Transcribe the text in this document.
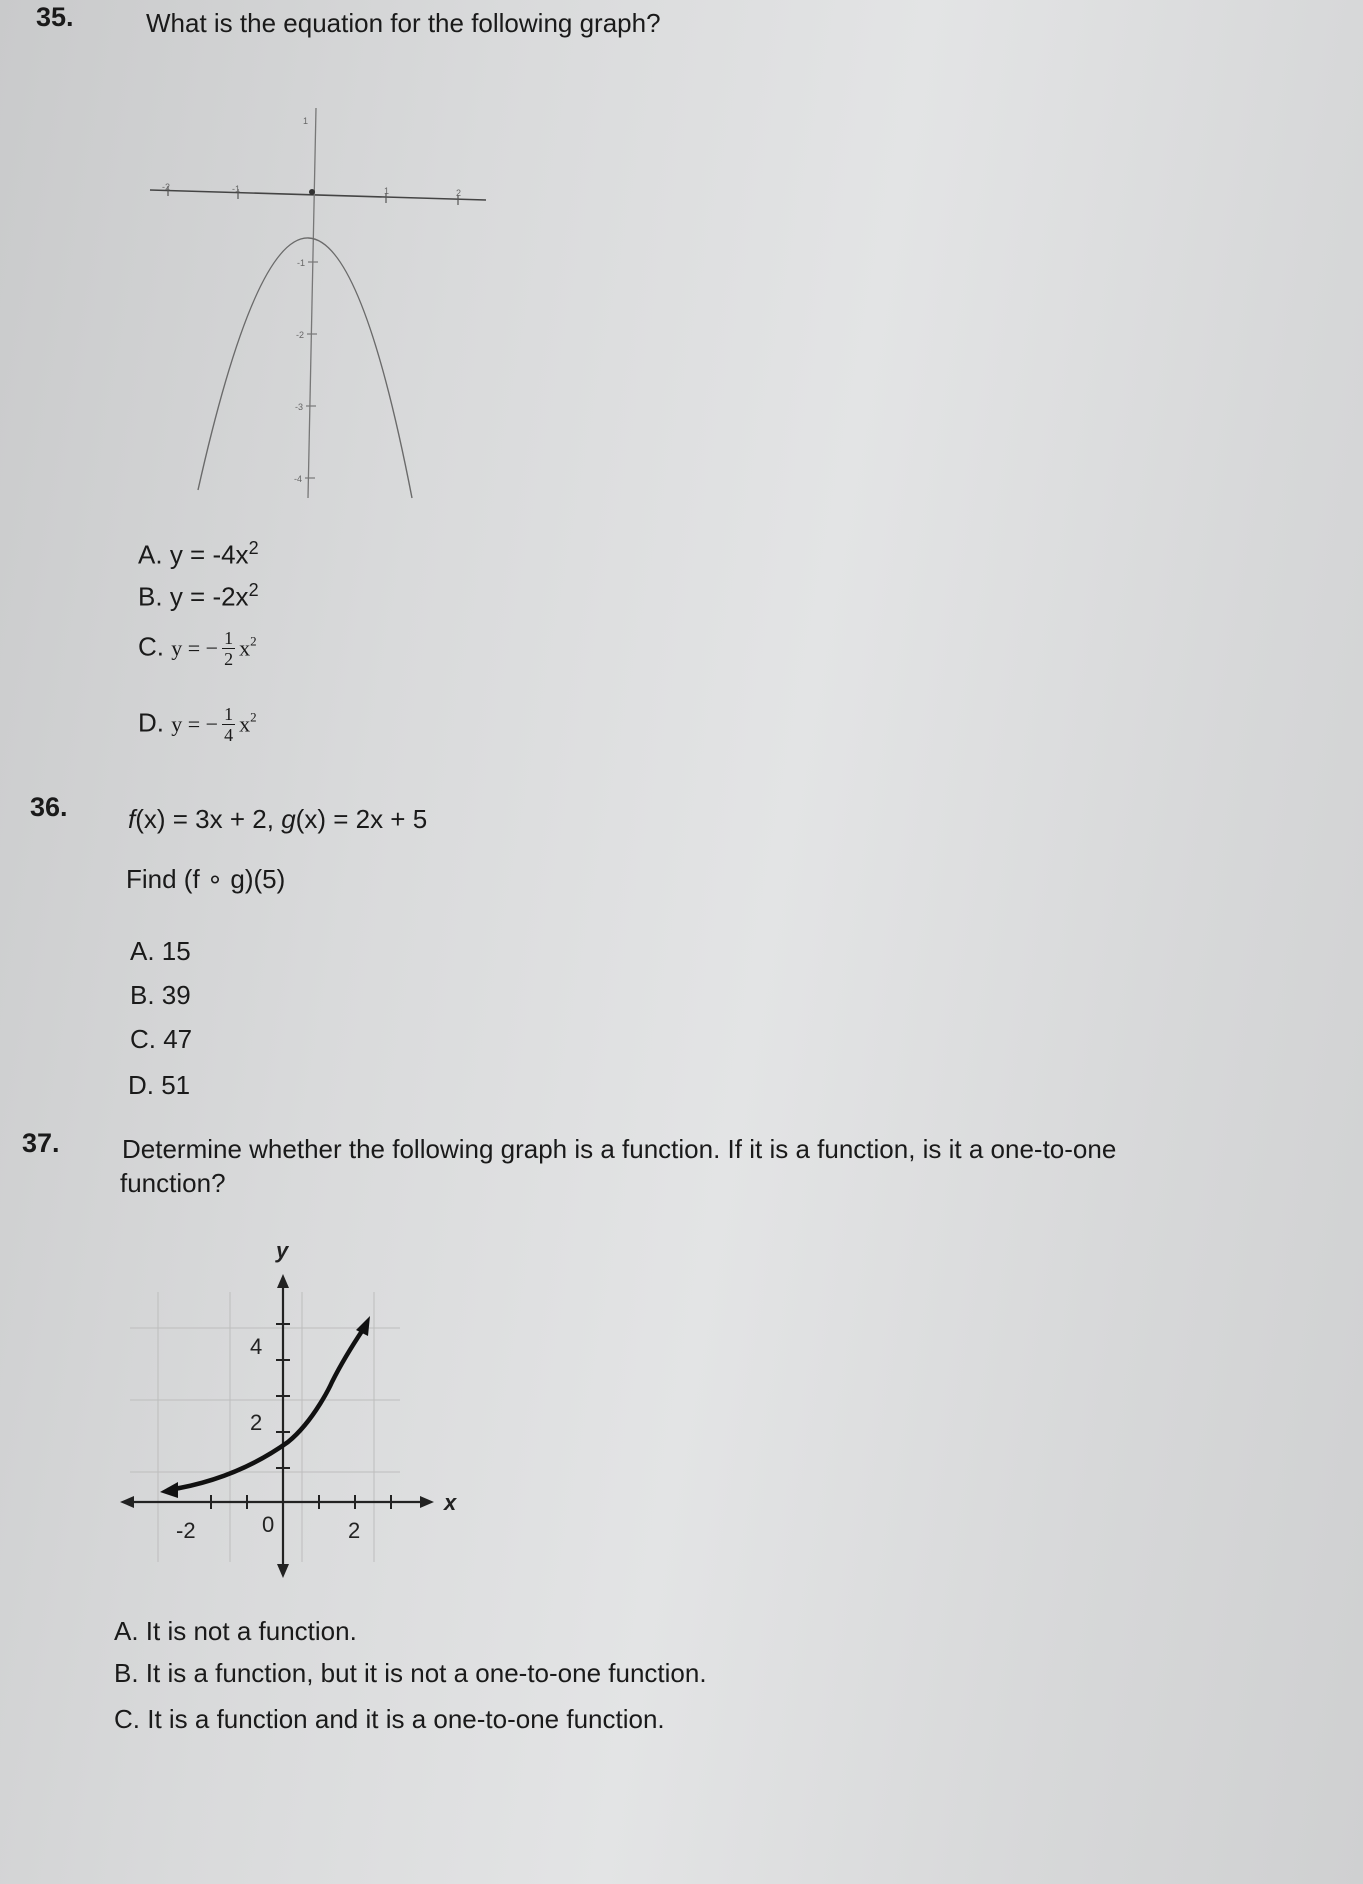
35.	What is the equation for the following graph?
-2	-1	1	2
1
-1
-2
-3
-4
A. $y = -4x^2$
B. $y = -2x^2$
C. y = − $\frac{1}{2} x^2$
D. y = − $\frac{1}{4} x^2$
36. f(x) = 3x + 2, g(x) = 2x + 5
Find (f ∘ g)(5)
A. 15
B. 39
C. 47
D. 51
37. Determine whether the following graph is a function. If it is a function, is it a one-to-one
function?
y
x
-2	0	2
2
4
A. It is not a function.
B. It is a function, but it is not a one-to-one function.
C. It is a function and it is a one-to-one function.
